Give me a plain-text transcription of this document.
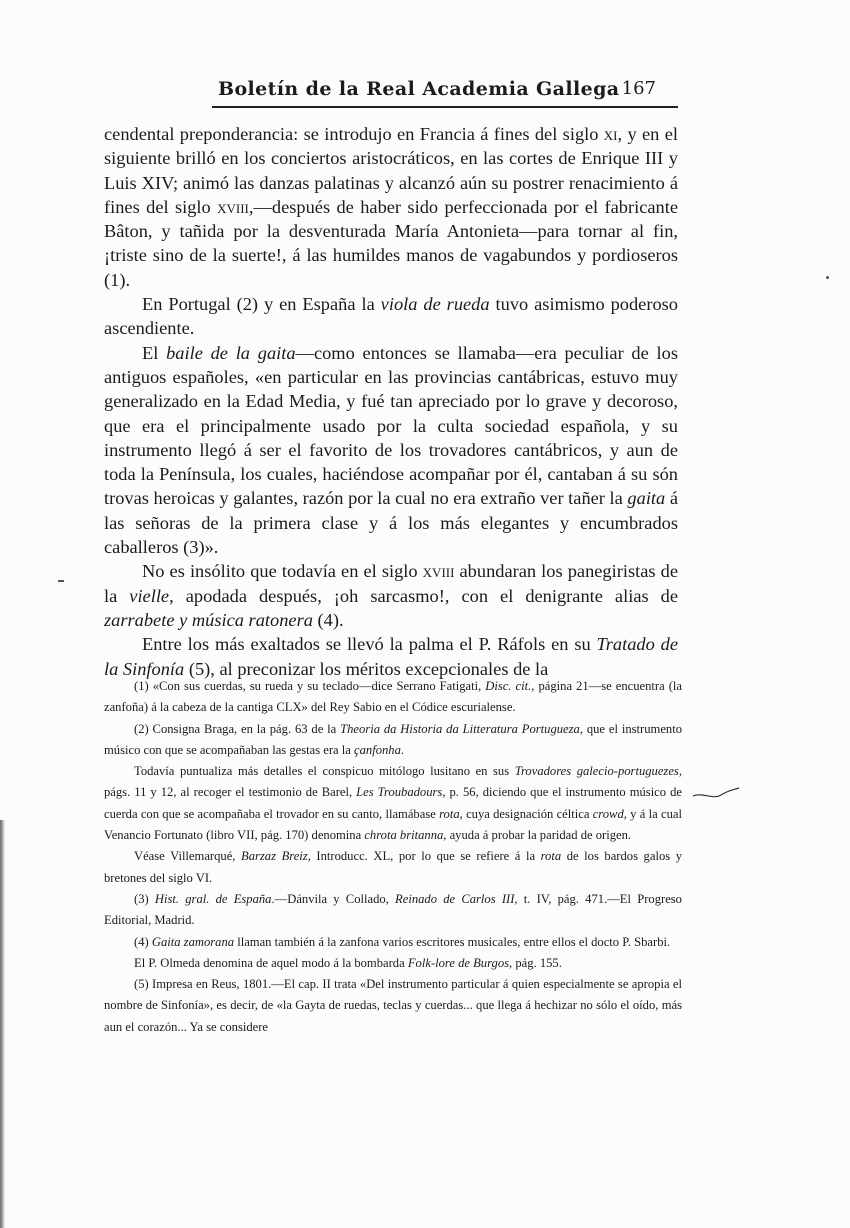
Boletín de la Real Academia Gallega 167

cendental preponderancia: se introdujo en Francia á fines del siglo xi, y en el siguiente brilló en los conciertos aristocráticos, en las cortes de Enrique III y Luis XIV; animó las danzas palatinas y alcanzó aún su postrer renacimiento á fines del siglo xviii,—después de haber sido perfeccionada por el fabricante Bâton, y tañida por la desventurada María Antonieta—para tornar al fin, ¡triste sino de la suerte!, á las humildes manos de vagabundos y pordioseros (1).

En Portugal (2) y en España la viola de rueda tuvo asimismo poderoso ascendiente.

El baile de la gaita—como entonces se llamaba—era peculiar de los antiguos españoles, «en particular en las provincias cantábricas, estuvo muy generalizado en la Edad Media, y fué tan apreciado por lo grave y decoroso, que era el principalmente usado por la culta sociedad española, y su instrumento llegó á ser el favorito de los trovadores cantábricos, y aun de toda la Península, los cuales, haciéndose acompañar por él, cantaban á su són trovas heroicas y galantes, razón por la cual no era extraño ver tañer la gaita á las señoras de la primera clase y á los más elegantes y encumbrados caballeros (3)».

No es insólito que todavía en el siglo xviii abundaran los panegiristas de la vielle, apodada después, ¡oh sarcasmo!, con el denigrante alias de zarrabete y música ratonera (4).

Entre los más exaltados se llevó la palma el P. Ráfols en su Tratado de la Sinfonía (5), al preconizar los méritos excepcionales de la

(1) «Con sus cuerdas, su rueda y su teclado—dice Serrano Fatigati, Disc. cit., página 21—se encuentra (la zanfoña) á la cabeza de la cantiga CLX» del Rey Sabio en el Códice escurialense.

(2) Consigna Braga, en la pág. 63 de la Theoria da Historia da Litteratura Portugueza, que el instrumento músico con que se acompañaban las gestas era la çanfonha.

Todavía puntualiza más detalles el conspicuo mitólogo lusitano en sus Trovadores galecio-portuguezes, págs. 11 y 12, al recoger el testimonio de Barel, Les Troubadours, p. 56, diciendo que el instrumento músico de cuerda con que se acompañaba el trovador en su canto, llamábase rota, cuya designación céltica crowd, y á la cual Venancio Fortunato (libro VII, pág. 170) denomina chrota britanna, ayuda á probar la paridad de origen.

Véase Villemarqué, Barzaz Breiz, Introducc. XL, por lo que se refiere á la rota de los bardos galos y bretones del siglo VI.

(3) Hist. gral. de España.—Dánvila y Collado, Reinado de Carlos III, t. IV, pág. 471.—El Progreso Editorial, Madrid.

(4) Gaita zamorana llaman también á la zanfona varios escritores musicales, entre ellos el docto P. Sbarbi.

El P. Olmeda denomina de aquel modo á la bombarda Folk-lore de Burgos, pág. 155.

(5) Impresa en Reus, 1801.—El cap. II trata «Del instrumento particular á quien especialmente se apropia el nombre de Sinfonía», es decir, de «la Gayta de ruedas, teclas y cuerdas... que llega á hechizar no sólo el oído, más aun el corazón... Ya se considere
